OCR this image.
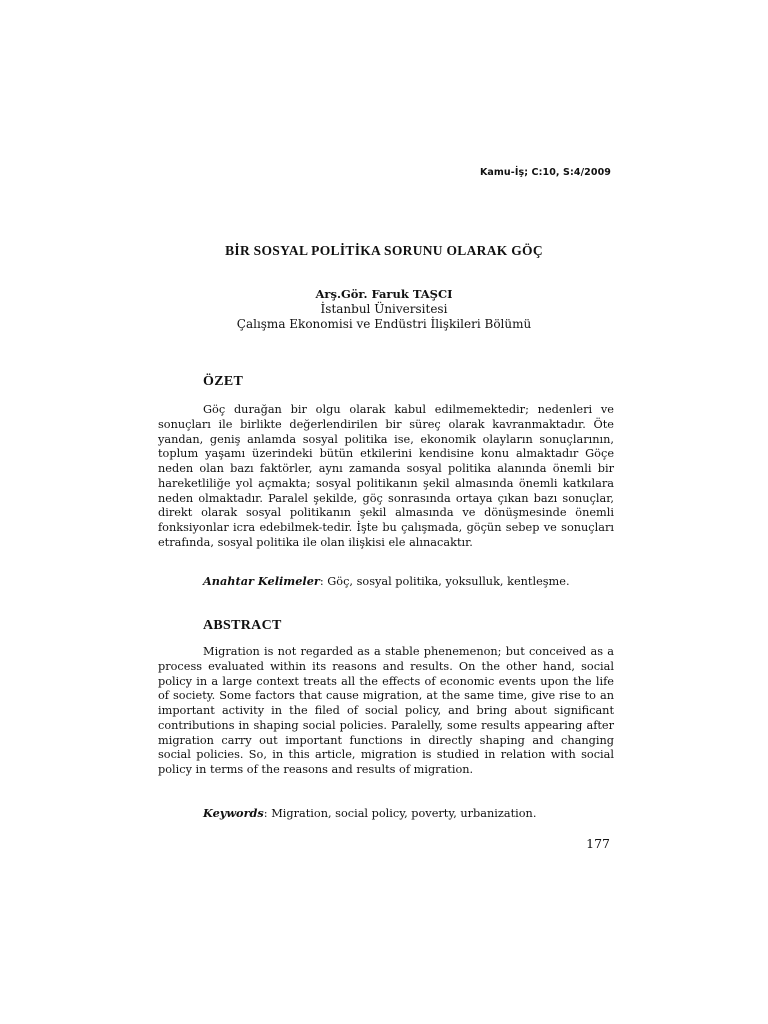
Kamu-İş; C:10, S:4/2009
BİR SOSYAL POLİTİKA SORUNU OLARAK GÖÇ
Arş.Gör. Faruk TAŞCI
İstanbul Üniversitesi
Çalışma Ekonomisi ve Endüstri İlişkileri Bölümü
ÖZET

Göç durağan bir olgu olarak kabul edilmemektedir; nedenleri ve sonuçları ile birlikte değerlendirilen bir süreç olarak kavranmaktadır. Öte yandan, geniş anlamda sosyal politika ise, ekonomik olayların sonuçlarının, toplum yaşamı üzerindeki bütün etkilerini kendisine konu almaktadır Göçe neden olan bazı faktörler, aynı zamanda sosyal politika alanında önemli bir hareketliliğe yol açmakta; sosyal politikanın şekil almasında önemli katkılara neden olmaktadır. Paralel şekilde, göç sonrasında ortaya çıkan bazı sonuçlar, direkt olarak sosyal politikanın şekil almasında ve dönüşmesinde önemli fonksiyonlar icra edebilmek-tedir. İşte bu çalışmada, göçün sebep ve sonuçları etrafında, sosyal politika ile olan ilişkisi ele alınacaktır.

Anahtar Kelimeler: Göç, sosyal politika, yoksulluk, kentleşme.
ABSTRACT

Migration is not regarded as a stable phenemenon; but conceived as a process evaluated within its reasons and results. On the other hand, social policy in a large context treats all the effects of economic events upon the life of society. Some factors that cause migration, at the same time, give rise to an important activity in the filed of social policy, and bring about significant contributions in shaping social policies. Paralelly, some results appearing after migration carry out important functions in directly shaping and changing social policies. So, in this article, migration is studied in relation with social policy in terms of the reasons and results of migration.

Keywords: Migration, social policy, poverty, urbanization.
177
